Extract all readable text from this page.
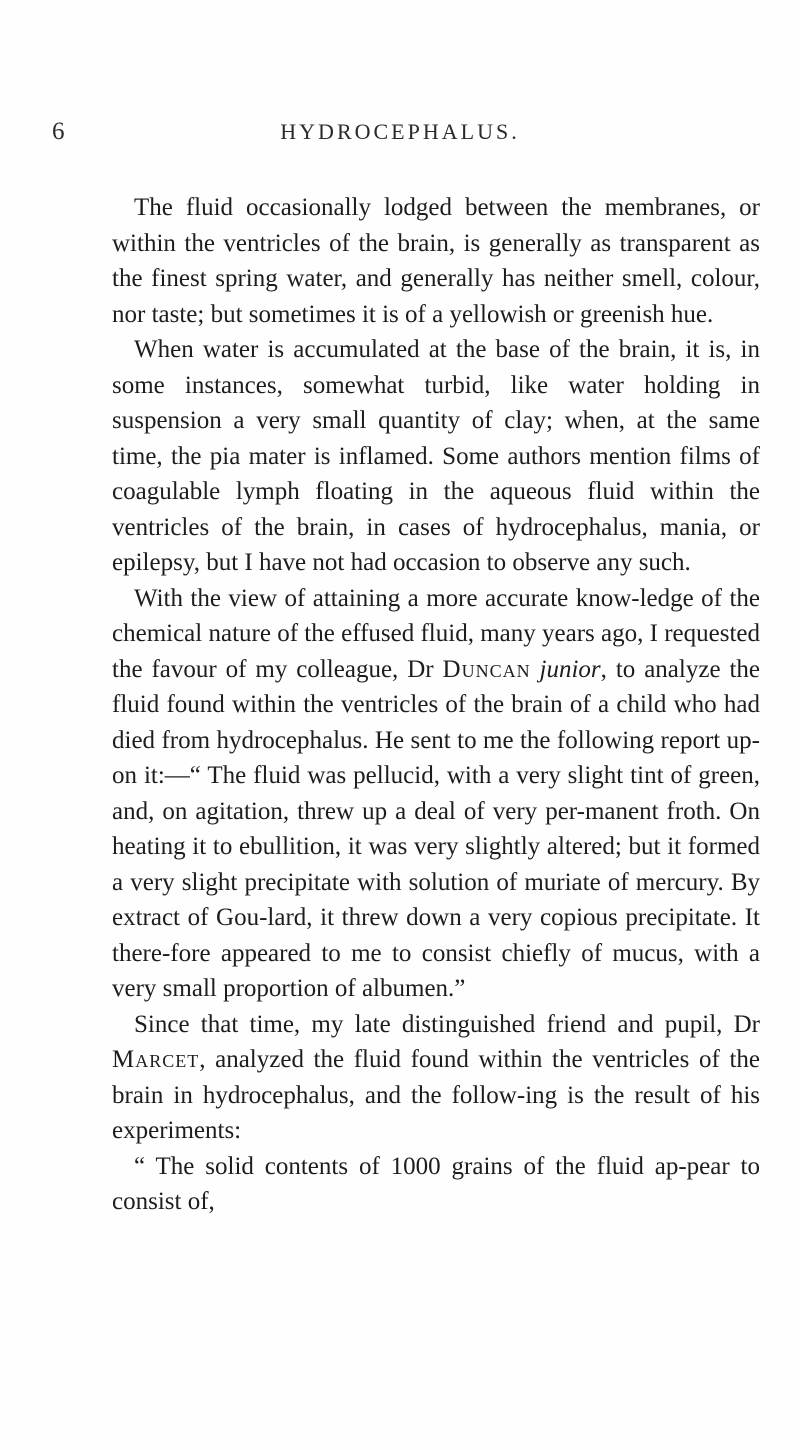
6	HYDROCEPHALUS.

The fluid occasionally lodged between the membranes, or within the ventricles of the brain, is generally as transparent as the finest spring water, and generally has neither smell, colour, nor taste; but sometimes it is of a yellowish or greenish hue.

When water is accumulated at the base of the brain, it is, in some instances, somewhat turbid, like water holding in suspension a very small quantity of clay; when, at the same time, the pia mater is inflamed. Some authors mention films of coagulable lymph floating in the aqueous fluid within the ventricles of the brain, in cases of hydrocephalus, mania, or epilepsy, but I have not had occasion to observe any such.

With the view of attaining a more accurate know-ledge of the chemical nature of the effused fluid, many years ago, I requested the favour of my colleague, Dr Duncan junior, to analyze the fluid found within the ventricles of the brain of a child who had died from hydrocephalus. He sent to me the following report up-on it:—“ The fluid was pellucid, with a very slight tint of green, and, on agitation, threw up a deal of very per-manent froth. On heating it to ebullition, it was very slightly altered; but it formed a very slight precipitate with solution of muriate of mercury. By extract of Gou-lard, it threw down a very copious precipitate. It there-fore appeared to me to consist chiefly of mucus, with a very small proportion of albumen.”

Since that time, my late distinguished friend and pupil, Dr Marcet, analyzed the fluid found within the ventricles of the brain in hydrocephalus, and the follow-ing is the result of his experiments:

“ The solid contents of 1000 grains of the fluid ap-pear to consist of,
